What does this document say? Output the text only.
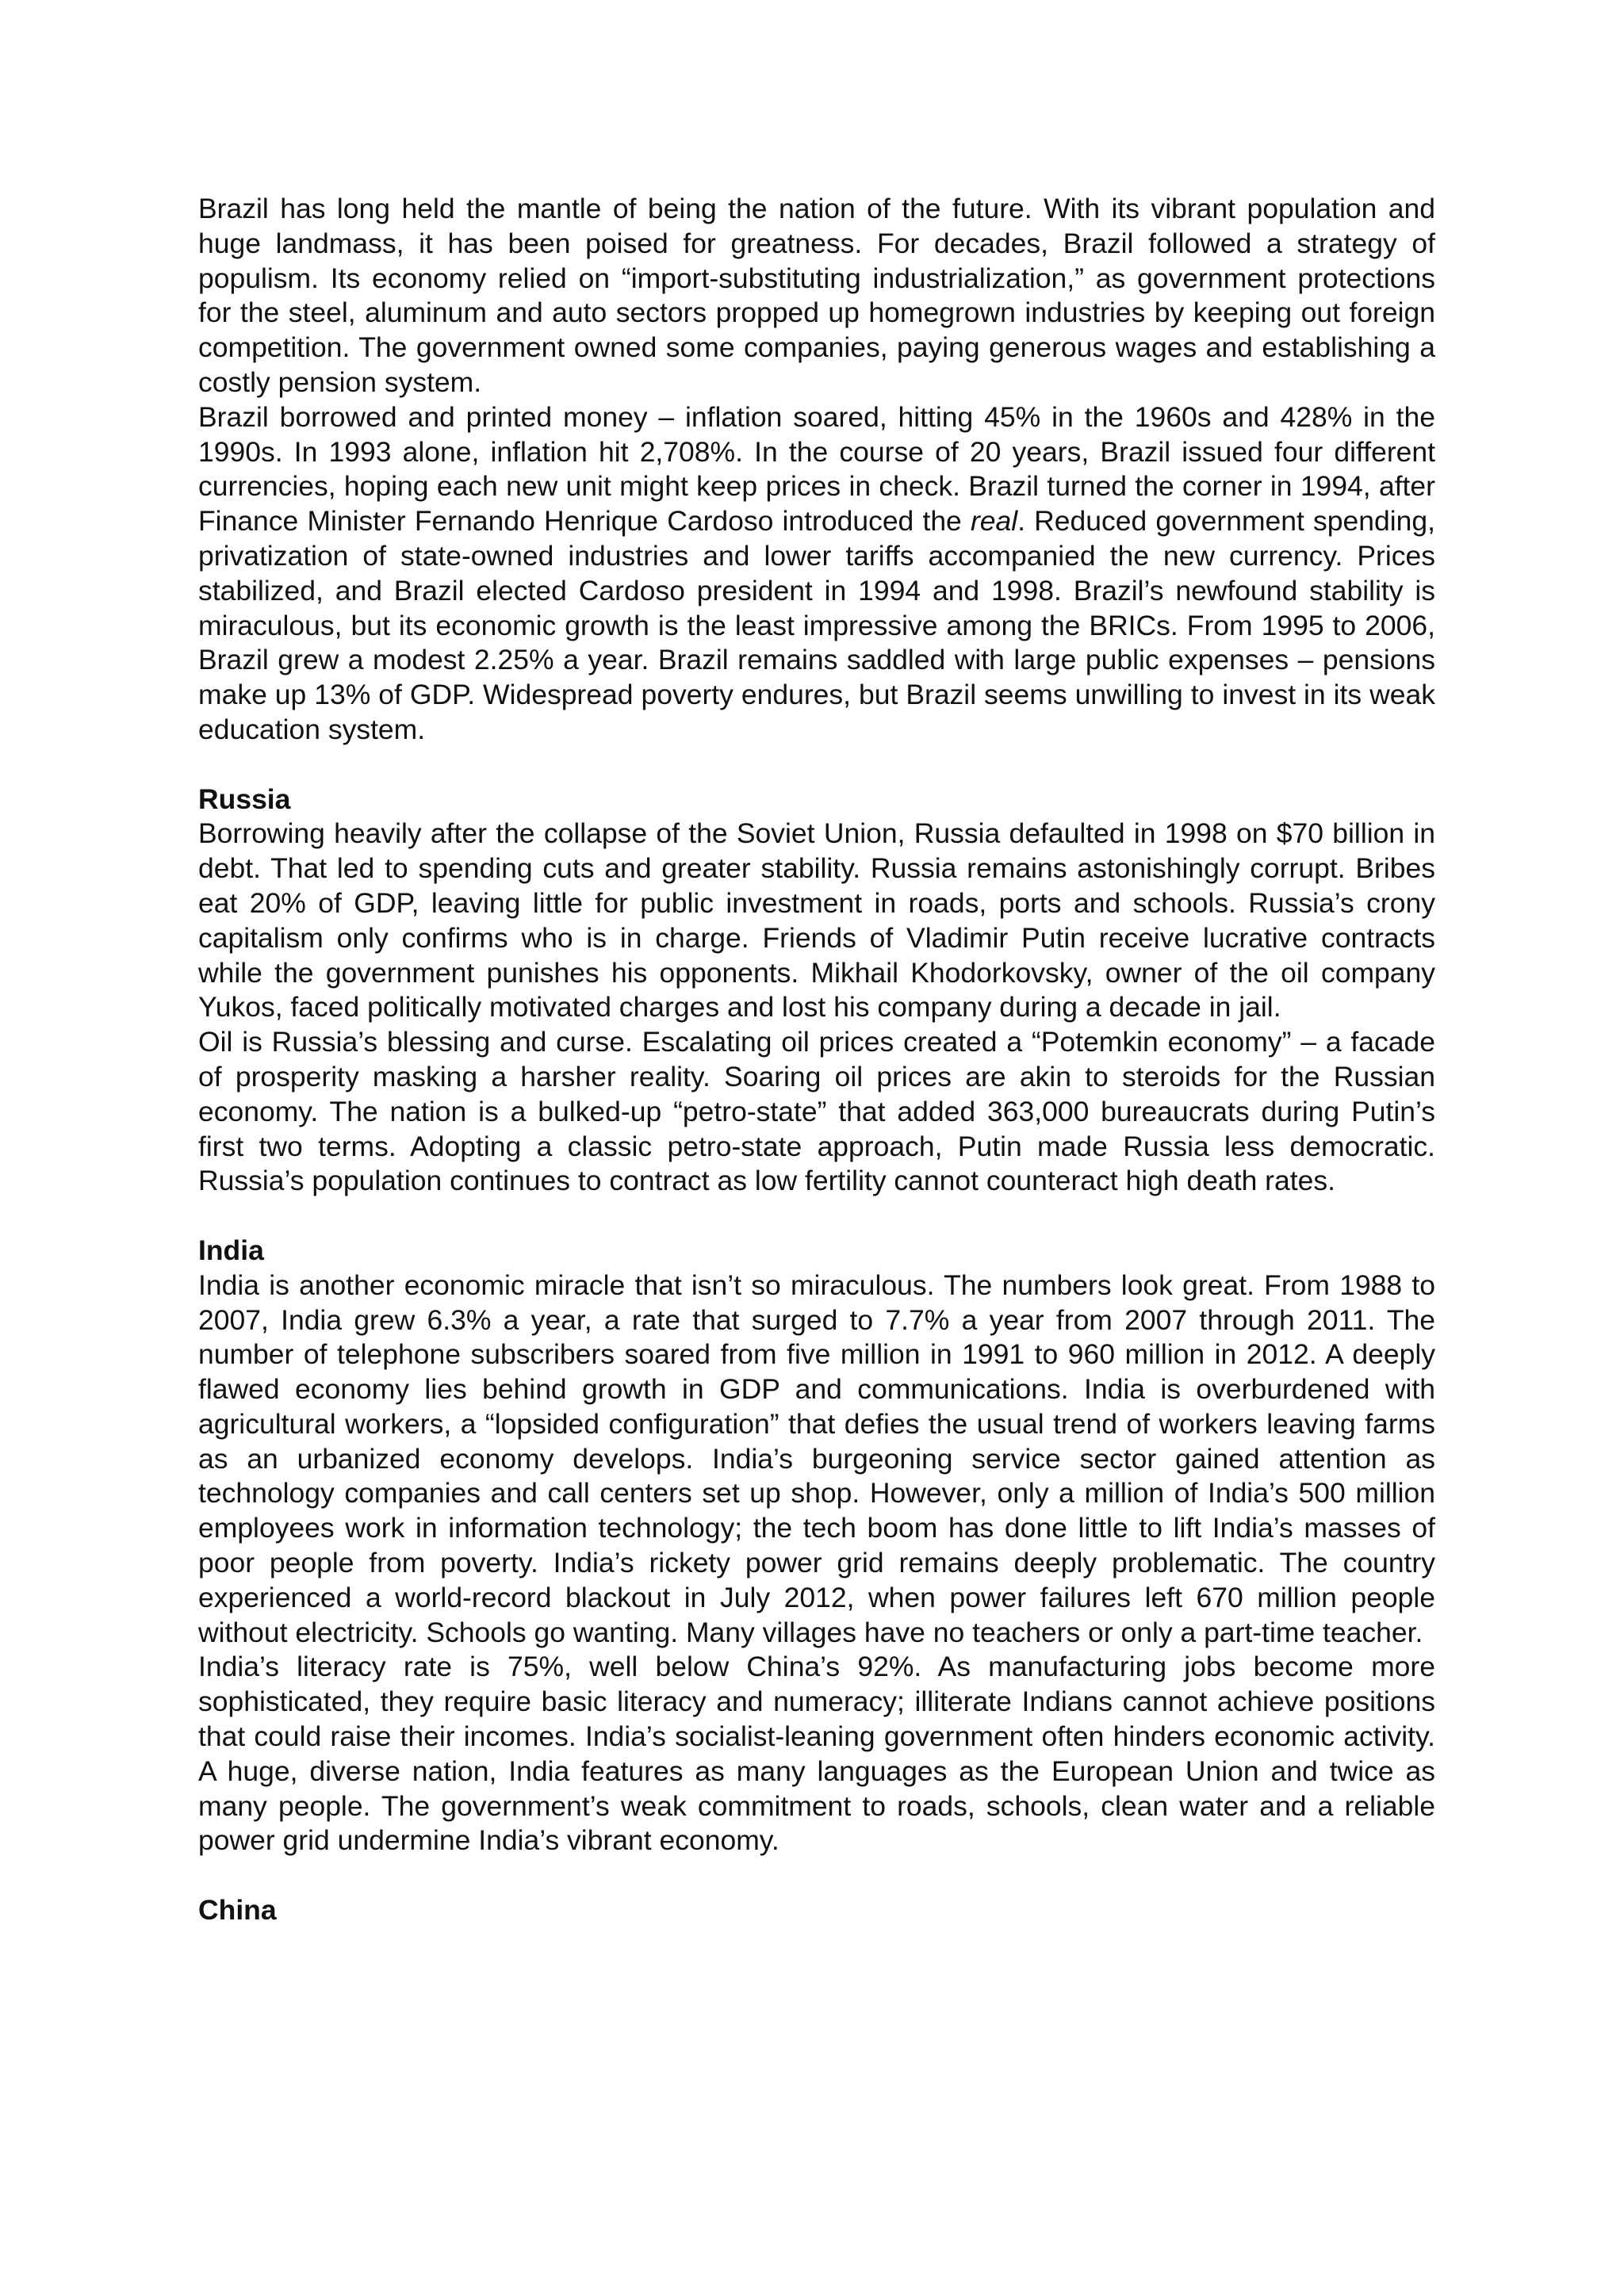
Brazil has long held the mantle of being the nation of the future. With its vibrant population and huge landmass, it has been poised for greatness. For decades, Brazil followed a strategy of populism. Its economy relied on “import-substituting industrialization,” as government protections for the steel, aluminum and auto sectors propped up homegrown industries by keeping out foreign competition. The government owned some companies, paying generous wages and establishing a costly pension system.

Brazil borrowed and printed money – inflation soared, hitting 45% in the 1960s and 428% in the 1990s. In 1993 alone, inflation hit 2,708%. In the course of 20 years, Brazil issued four different currencies, hoping each new unit might keep prices in check. Brazil turned the corner in 1994, after Finance Minister Fernando Henrique Cardoso introduced the real. Reduced government spending, privatization of state-owned industries and lower tariffs accompanied the new currency. Prices stabilized, and Brazil elected Cardoso president in 1994 and 1998. Brazil’s newfound stability is miraculous, but its economic growth is the least impressive among the BRICs. From 1995 to 2006, Brazil grew a modest 2.25% a year. Brazil remains saddled with large public expenses – pensions make up 13% of GDP. Widespread poverty endures, but Brazil seems unwilling to invest in its weak education system.

Russia

Borrowing heavily after the collapse of the Soviet Union, Russia defaulted in 1998 on $70 billion in debt. That led to spending cuts and greater stability. Russia remains astonishingly corrupt. Bribes eat 20% of GDP, leaving little for public investment in roads, ports and schools. Russia’s crony capitalism only confirms who is in charge. Friends of Vladimir Putin receive lucrative contracts while the government punishes his opponents. Mikhail Khodorkovsky, owner of the oil company Yukos, faced politically motivated charges and lost his company during a decade in jail.

Oil is Russia’s blessing and curse. Escalating oil prices created a “Potemkin economy” – a facade of prosperity masking a harsher reality. Soaring oil prices are akin to steroids for the Russian economy. The nation is a bulked-up “petro-state” that added 363,000 bureaucrats during Putin’s first two terms. Adopting a classic petro-state approach, Putin made Russia less democratic. Russia’s population continues to contract as low fertility cannot counteract high death rates.

India

India is another economic miracle that isn’t so miraculous. The numbers look great. From 1988 to 2007, India grew 6.3% a year, a rate that surged to 7.7% a year from 2007 through 2011. The number of telephone subscribers soared from five million in 1991 to 960 million in 2012. A deeply flawed economy lies behind growth in GDP and communications. India is overburdened with agricultural workers, a “lopsided configuration” that defies the usual trend of workers leaving farms as an urbanized economy develops. India’s burgeoning service sector gained attention as technology companies and call centers set up shop. However, only a million of India’s 500 million employees work in information technology; the tech boom has done little to lift India’s masses of poor people from poverty. India’s rickety power grid remains deeply problematic. The country experienced a world-record blackout in July 2012, when power failures left 670 million people without electricity. Schools go wanting. Many villages have no teachers or only a part-time teacher.

India’s literacy rate is 75%, well below China’s 92%. As manufacturing jobs become more sophisticated, they require basic literacy and numeracy; illiterate Indians cannot achieve positions that could raise their incomes. India’s socialist-leaning government often hinders economic activity. A huge, diverse nation, India features as many languages as the European Union and twice as many people. The government’s weak commitment to roads, schools, clean water and a reliable power grid undermine India’s vibrant economy.

China
